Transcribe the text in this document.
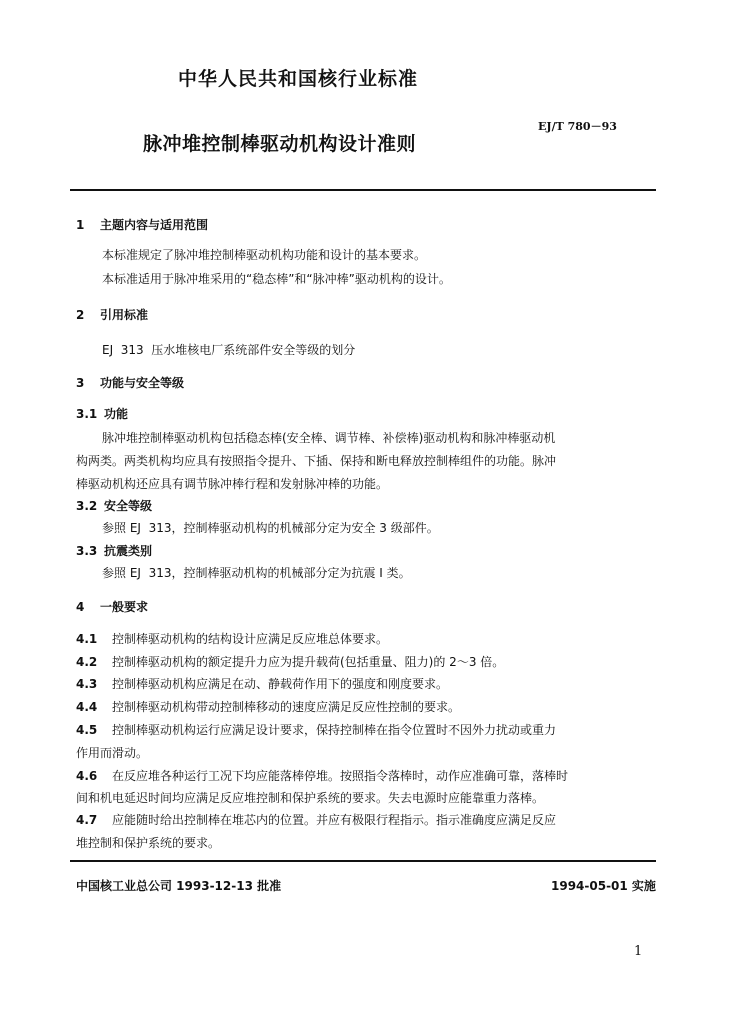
中华人民共和国核行业标准
EJ/T 780－93
脉冲堆控制棒驱动机构设计准则
1 主题内容与适用范围
本标准规定了脉冲堆控制棒驱动机构功能和设计的基本要求。
本标准适用于脉冲堆采用的“稳态棒”和“脉冲棒”驱动机构的设计。
2 引用标准
EJ  313  压水堆核电厂系统部件安全等级的划分
3 功能与安全等级
3.1 功能
脉冲堆控制棒驱动机构包括稳态棒(安全棒、调节棒、补偿棒)驱动机构和脉冲棒驱动机
构两类。两类机构均应具有按照指令提升、下插、保持和断电释放控制棒组件的功能。脉冲
棒驱动机构还应具有调节脉冲棒行程和发射脉冲棒的功能。
3.2 安全等级
参照 EJ  313，控制棒驱动机构的机械部分定为安全 3 级部件。
3.3 抗震类别
参照 EJ  313，控制棒驱动机构的机械部分定为抗震 I 类。
4 一般要求
4.1 控制棒驱动机构的结构设计应满足反应堆总体要求。
4.2 控制棒驱动机构的额定提升力应为提升载荷(包括重量、阻力)的 2～3 倍。
4.3 控制棒驱动机构应满足在动、静载荷作用下的强度和刚度要求。
4.4 控制棒驱动机构带动控制棒移动的速度应满足反应性控制的要求。
4.5 控制棒驱动机构运行应满足设计要求，保持控制棒在指令位置时不因外力扰动或重力
作用而滑动。
4.6 在反应堆各种运行工况下均应能落棒停堆。按照指令落棒时，动作应准确可靠，落棒时
间和机电延迟时间均应满足反应堆控制和保护系统的要求。失去电源时应能靠重力落棒。
4.7 应能随时给出控制棒在堆芯内的位置。并应有极限行程指示。指示准确度应满足反应
堆控制和保护系统的要求。
中国核工业总公司 1993-12-13 批准	1994-05-01 实施
1
